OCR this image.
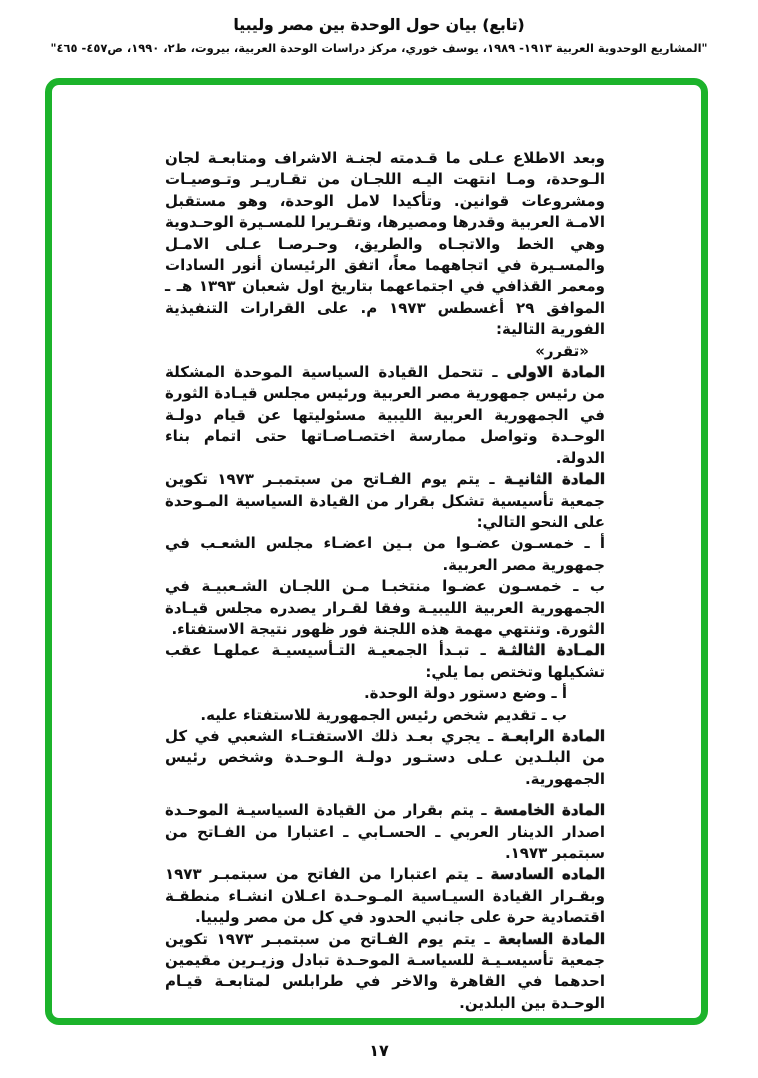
(تابع) بيان حول الوحدة بين مصر وليبيا
"المشاريع الوحدوية العربية ١٩١٣- ١٩٨٩، يوسف خوري، مركز دراسات الوحدة العربية، بيروت، ط٢، ١٩٩٠، ص٤٥٧- ٤٦٥"

وبعد الاطلاع عـلى ما قـدمته لجنـة الاشراف ومتابعـة لجان الـوحدة، ومـا انتهت اليـه اللجـان من تقـاريـر وتـوصيـات ومشروعات قوانين. وتأكيدا لامل الوحدة، وهو مستقبل الامـة العربية وقدرها ومصيرها، وتقـريرا للمسـيرة الوحـدوية وهي الخط والاتجـاه والطريق، وحـرصـا عـلى الامـل والمسـيرة في اتجاههما معاً، اتفق الرئيسان أنور السادات ومعمر القذافي في اجتماعهما بتاريخ اول شعبان ١٣٩٣ هـ ـ الموافق ٢٩ أغسطس ١٩٧٣ م. على القرارات التنفيذية الفورية التالية:

«تقرر»

المادة الاولى ـ تتحمل القيادة السياسية الموحدة المشكلة من رئيس جمهورية مصر العربية ورئيس مجلس قيـادة الثورة في الجمهورية العربية الليبية مسئوليتها عن قيام دولـة الوحـدة وتواصل ممارسة اختصـاصـاتها حتى اتمام بناء الدولة.

المادة الثانيـة ـ يتم يوم الفـاتح من سبتمبـر ١٩٧٣ تكوين جمعية تأسيسية تشكل بقرار من القيادة السياسية المـوحدة على النحو التالي:

أ ـ خمسـون عضـوا من بـين اعضـاء مجلس الشعـب في جمهورية مصر العربية.

ب ـ خمسـون عضـوا منتخبـا مـن اللجـان الشـعبيـة في الجمهورية العربية الليبيـة وفقا لقـرار يصدره مجلس قيـادة الثورة. وتنتهي مهمة هذه اللجنة فور ظهور نتيجة الاستفتاء.

المـادة الثالثـة ـ تبـدأ الجمعيـة التـأسيسيـة عملهـا عقب تشكيلها وتختص بما يلي:

أ ـ وضع دستور دولة الوحدة.

ب ـ تقديم شخص رئيس الجمهورية للاستفتاء عليه.

المادة الرابعـة ـ يجري بعـد ذلك الاستفتـاء الشعبي في كل من البلـدين عـلى دستـور دولـة الـوحـدة وشخص رئيس الجمهورية.

المادة الخامسة ـ يتم بقرار من القيادة السياسيـة الموحـدة اصدار الدينار العربي ـ الحسـابي ـ اعتبارا من الفـاتح من سبتمبر ١٩٧٣.

الماده السادسة ـ يتم اعتبارا من الفاتح من سبتمبـر ١٩٧٣ وبقـرار القيادة السيـاسية المـوحـدة اعـلان انشـاء منطقـة اقتصادية حرة على جانبي الحدود في كل من مصر وليبيا.

المادة السابعة ـ يتم يوم الفـاتح من سبتمبـر ١٩٧٣ تكوين جمعية تأسيسـيـة للسياسـة الموحـدة تبادل وزيـرين مقيمين احدهما في القاهرة والاخر في طرابلس لمتابعـة قيـام الوحـدة بين البلدين.

١٧
